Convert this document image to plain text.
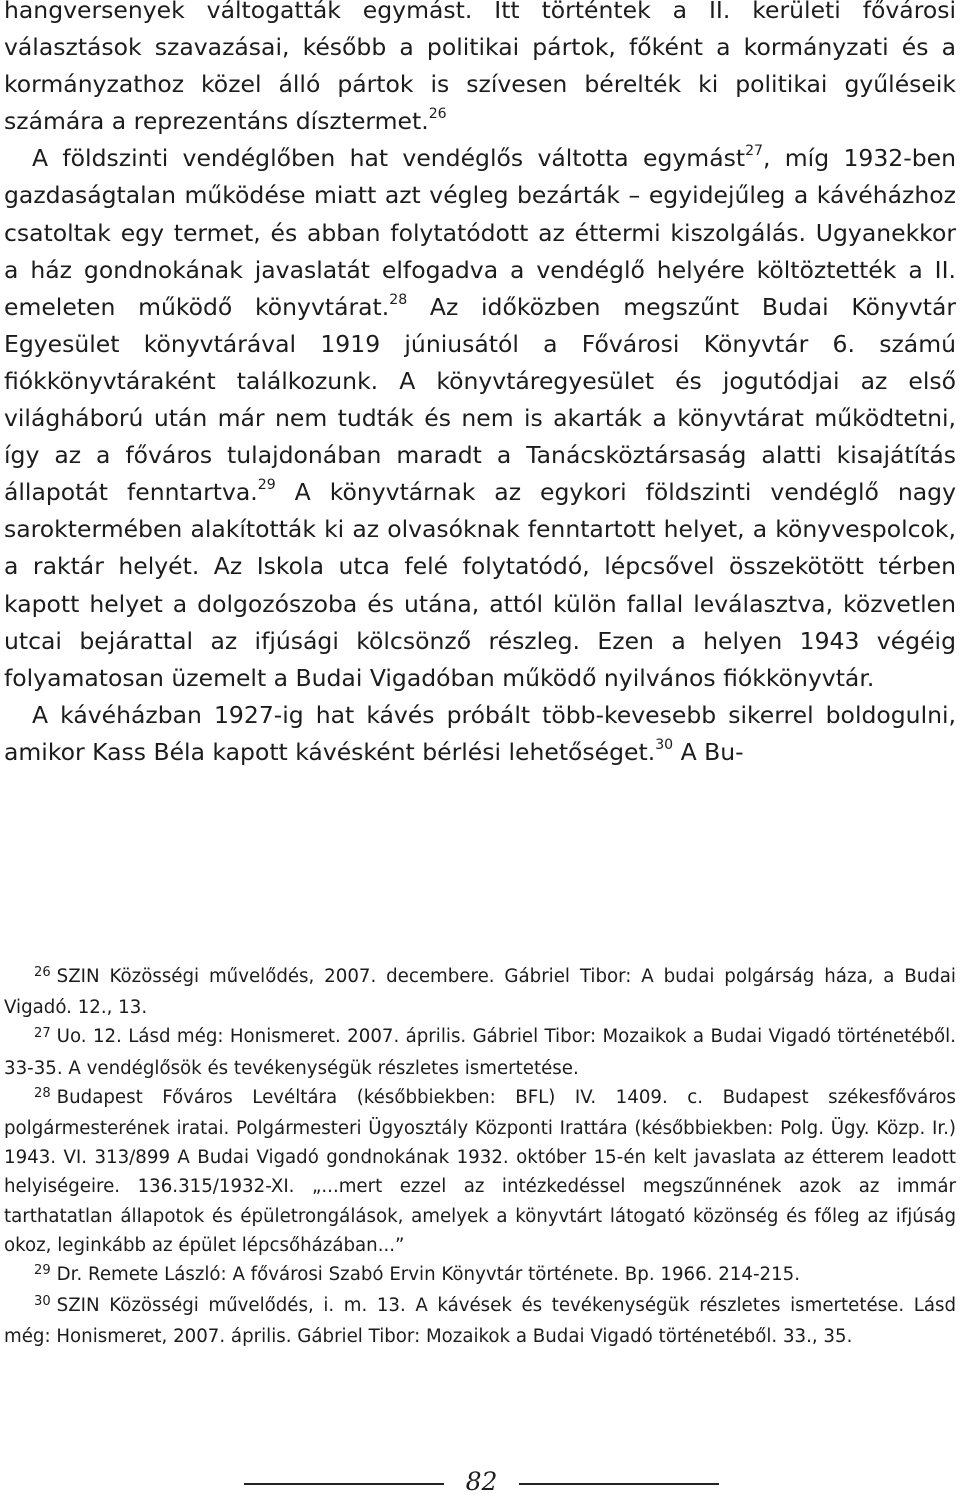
hangversenyek váltogatták egymást. Itt történtek a II. kerületi fővárosi választások szavazásai, később a politikai pártok, főként a kormányzati és a kormányzathoz közel álló pártok is szívesen bérelték ki politikai gyűléseik számára a reprezentáns dísztermet.$^{26}$

A földszinti vendéglőben hat vendéglős váltotta egymást$^{27}$, míg 1932-ben gazdaságtalan működése miatt azt végleg bezárták – egyidejűleg a kávéházhoz csatoltak egy termet, és abban folytatódott az éttermi kiszolgálás. Ugyanekkor a ház gondnokának javaslatát elfogadva a vendéglő helyére költöztették a II. emeleten működő könyvtárat.$^{28}$ Az időközben megszűnt Budai Könyvtár Egyesület könyvtárával 1919 júniusától a Fővárosi Könyvtár 6. számú fiókkönyvtáraként találkozunk. A könyvtáregyesület és jogutódjai az első világháború után már nem tudták és nem is akarták a könyvtárat működtetni, így az a főváros tulajdonában maradt a Tanácsköztársaság alatti kisajátítás állapotát fenntartva.$^{29}$ A könyvtárnak az egykori földszinti vendéglő nagy saroktermében alakították ki az olvasóknak fenntartott helyet, a könyvespolcok, a raktár helyét. Az Iskola utca felé folytatódó, lépcsővel összekötött térben kapott helyet a dolgozószoba és utána, attól külön fallal leválasztva, közvetlen utcai bejárattal az ifjúsági kölcsönző részleg. Ezen a helyen 1943 végéig folyamatosan üzemelt a Budai Vigadóban működő nyilvános fiókkönyvtár.

A kávéházban 1927-ig hat kávés próbált több-kevesebb sikerrel boldogulni, amikor Kass Béla kapott kávésként bérlési lehetőséget.$^{30}$ A Bu-

$^{26}$ SZIN Közösségi művelődés, 2007. decembere. Gábriel Tibor: A budai polgárság háza, a Budai Vigadó. 12., 13.

$^{27}$ Uo. 12. Lásd még: Honismeret. 2007. április. Gábriel Tibor: Mozaikok a Budai Vigadó történetéből. 33-35. A vendéglősök és tevékenységük részletes ismertetése.

$^{28}$ Budapest Főváros Levéltára (későbbiekben: BFL) IV. 1409. c. Budapest székesfőváros polgármesterének iratai. Polgármesteri Ügyosztály Központi Irattára (későbbiekben: Polg. Ügy. Közp. Ir.) 1943. VI. 313/899 A Budai Vigadó gondnokának 1932. október 15-én kelt javaslata az étterem leadott helyiségeire. 136.315/1932-XI. „...mert ezzel az intézkedéssel megszűnnének azok az immár tarthatatlan állapotok és épületrongálások, amelyek a könyvtárt látogató közönség és főleg az ifjúság okoz, leginkább az épület lépcsőházában...”

$^{29}$ Dr. Remete László: A fővárosi Szabó Ervin Könyvtár története. Bp. 1966. 214-215.

$^{30}$ SZIN Közösségi művelődés, i. m. 13. A kávések és tevékenységük részletes ismertetése. Lásd még: Honismeret, 2007. április. Gábriel Tibor: Mozaikok a Budai Vigadó történetéből. 33., 35.

82
